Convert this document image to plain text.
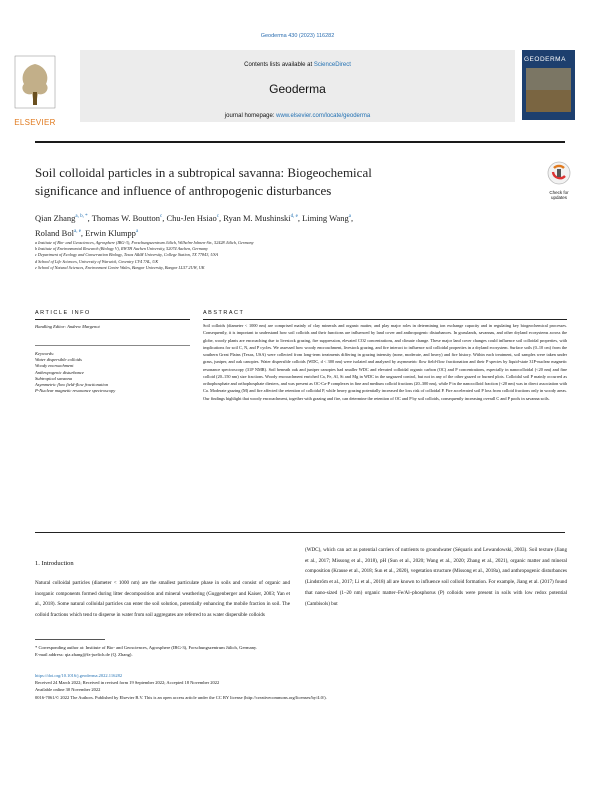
Geoderma 430 (2023) 116282
ELSEVIER
Contents lists available at ScienceDirect
Geoderma
journal homepage: www.elsevier.com/locate/geoderma
GEODERMA
Soil colloidal particles in a subtropical savanna: Biogeochemical
significance and influence of anthropogenic disturbances	Check for updates
Qian Zhang$^{a, b, *}$, Thomas W. Boutton$^c$, Chu-Jen Hsiao$^c$, Ryan M. Mushinski$^{d, e}$, Liming Wang$^a$,
Roland Bol$^{a, e}$, Erwin Klumpp$^a$
a Institute of Bio- and Geosciences, Agrosphere (IBG-3), Forschungszentrum Jülich, Wilhelm-Johnen-Str., 52428 Jülich, Germany
b Institute of Environmental Research (Biology V), RWTH Aachen University, 52074 Aachen, Germany
c Department of Ecology and Conservation Biology, Texas A&M University, College Station, TX 77843, USA
d School of Life Sciences, University of Warwick, Coventry CV4 7AL, UK
e School of Natural Sciences, Environment Centre Wales, Bangor University, Bangor LL57 2UW, UK
ARTICLE INFO	ABSTRACT
Handling Editor: Andrew Margenot
Keywords:
Water dispersible colloids
Woody encroachment
Anthropogenic disturbance
Subtropical savanna
Asymmetric flow field-flow fractionation
P-Nuclear magnetic resonance spectroscopy
Soil colloids (diameter < 1000 nm) are comprised mainly of clay minerals and organic matter, and play major roles in determining ion exchange capacity and in regulating key biogeochemical processes. Consequently, it is important to understand how soil colloids and their functions are influenced by land cover and anthropogenic disturbances. In grasslands, savannas, and other dryland ecosystems across the globe, woody plants are encroaching due to livestock grazing, fire suppression, elevated CO2 concentrations, and climate change. These major land cover changes could influence soil colloidal properties, with implications for soil C, N, and P cycles. We assessed how woody encroachment, livestock grazing, and fire interact to influence soil colloidal properties in a dryland ecosystem. Surface soils (0–10 cm) from the southern Great Plains (Texas, USA) were collected from long-term treatments differing in grazing intensity (none, moderate, and heavy) and fire history. Within each treatment, soil samples were taken under grass, juniper, and oak canopies. Water dispersible colloids (WDC, d < 300 nm) were isolated and analyzed by asymmetric flow field-flow fractionation and their P species by liquid-state 31P-nuclear magnetic resonance spectroscopy (31P NMR). Soil beneath oak and juniper canopies had smaller WDC and elevated colloidal organic carbon (OC) and P concentrations, especially in nanocolloidal (<20 nm) and fine colloid (20–150 nm) size fractions. Woody encroachment enriched Ca, Fe, Al, Si and Mg in WDC in the ungrazed control, but not in any of the other grazed or burned plots. Colloidal soil P mainly occurred as orthophosphate and orthophosphate diesters, and was present as OC-Ca-P complexes in fine and medium colloid fractions (20–300 nm), while P in the nanocolloid fraction (<20 nm) was in direct association with Ca. Moderate grazing (M) and fire affected the retention of colloidal P, while heavy grazing potentially increased the loss risk of colloidal P. Fire accelerated soil P loss from colloid fractions only in woody areas. Our findings highlight that woody encroachment, together with grazing and fire, can determine the retention of OC and P by soil colloids, consequently increasing overall C and P pools in savanna soils.
1. Introduction
Natural colloidal particles (diameter < 1000 nm) are the smallest particulate phase in soils and consist of organic and inorganic components formed during litter decomposition and mineral weathering (Guggenberger and Kaiser, 2003; Yan et al., 2018). Some natural colloidal particles can enter the soil solution, potentially enhancing the mobile fraction in soil. The colloid fractions which tend to disperse in water from soil aggregates are referred to as water dispersible colloids
(WDC), which can act as potential carriers of nutrients to groundwater (Séquaris and Lewandowski, 2003). Soil texture (Jiang et al., 2017; Missong et al., 2018), pH (Sun et al., 2020; Wang et al., 2020; Zhang et al., 2021), organic matter and mineral composition (Krause et al., 2018; Sun et al., 2020), vegetation structure (Missong et al., 2018a), and anthropogenic disturbances (Lindström et al., 2017; Li et al., 2018) all are known to influence soil colloid formation. For example, Jiang et al. (2017) found that nano-sized (1–20 nm) organic matter–Fe/Al–phosphorus (P) colloids were present in soils with low redox potential (Cambisols) but
* Corresponding author at: Institute of Bio- and Geosciences, Agrosphere (IBG-3), Forschungszentrum Jülich, Germany.
E-mail address: qia.zhang@fz-juelich.de (Q. Zhang).
https://doi.org/10.1016/j.geoderma.2022.116282
Received 24 March 2022; Received in revised form 19 September 2022; Accepted 18 November 2022
Available online 30 November 2022
0016-7061/© 2022 The Authors. Published by Elsevier B.V. This is an open access article under the CC BY license (http://creativecommons.org/licenses/by/4.0/).
